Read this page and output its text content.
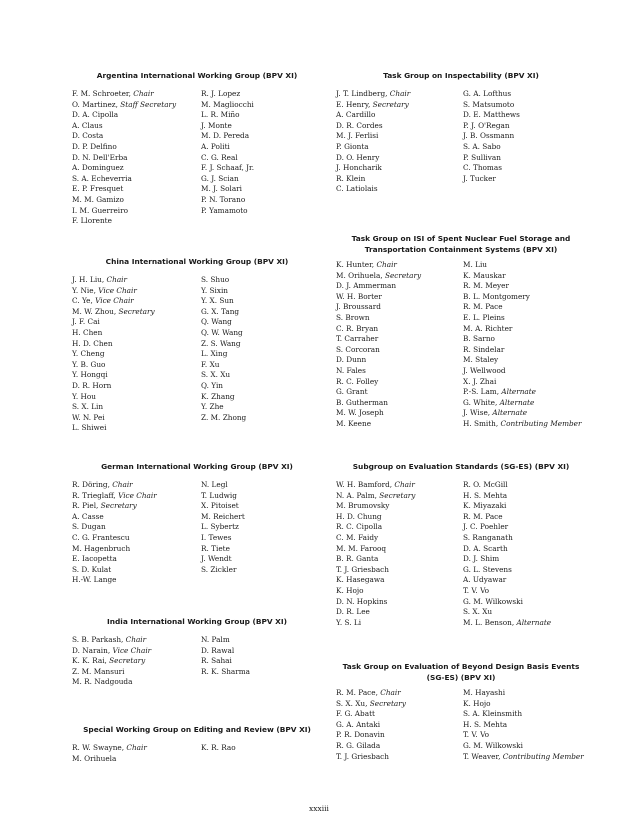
Argentina International Working Group (BPV XI)
F. M. Schroeter, Chair
O. Martinez, Staff Secretary
D. A. Cipolla
A. Claus
D. Costa
D. P. Delfino
D. N. Dell'Erba
A. Dominguez
S. A. Echeverria
E. P. Fresquet
M. M. Gamizo
I. M. Guerreiro
F. Llorente
R. J. Lopez
M. Magliocchi
L. R. Miño
J. Monte
M. D. Pereda
A. Politi
C. G. Real
F. J. Schaaf, Jr.
G. J. Scian
M. J. Solari
P. N. Torano
P. Yamamoto
China International Working Group (BPV XI)
J. H. Liu, Chair
Y. Nie, Vice Chair
C. Ye, Vice Chair
M. W. Zhou, Secretary
J. F. Cai
H. Chen
H. D. Chen
Y. Cheng
Y. B. Guo
Y. Hongqi
D. R. Horn
Y. Hou
S. X. Lin
W. N. Pei
L. Shiwei
S. Shuo
Y. Sixin
Y. X. Sun
G. X. Tang
Q. Wang
Q. W. Wang
Z. S. Wang
L. Xing
F. Xu
S. X. Xu
Q. Yin
K. Zhang
Y. Zhe
Z. M. Zhong
German International Working Group (BPV XI)
R. Döring, Chair
R. Trieglaff, Vice Chair
R. Piel, Secretary
A. Casse
S. Dugan
C. G. Frantescu
M. Hagenbruch
E. Iacopetta
S. D. Kulat
H.-W. Lange
N. Legl
T. Ludwig
X. Pitoiset
M. Reichert
L. Sybertz
I. Tewes
R. Tiete
J. Wendt
S. Zickler
India International Working Group (BPV XI)
S. B. Parkash, Chair
D. Narain, Vice Chair
K. K. Rai, Secretary
Z. M. Mansuri
M. R. Nadgouda
N. Palm
D. Rawal
R. Sahai
R. K. Sharma
Special Working Group on Editing and Review (BPV XI)
R. W. Swayne, Chair
M. Orihuela
K. R. Rao
Task Group on Inspectability (BPV XI)
J. T. Lindberg, Chair
E. Henry, Secretary
A. Cardillo
D. R. Cordes
M. J. Ferlisi
P. Gionta
D. O. Henry
J. Honcharik
R. Klein
C. Latiolais
G. A. Lofthus
S. Matsumoto
D. E. Matthews
P. J. O'Regan
J. B. Ossmann
S. A. Sabo
P. Sullivan
C. Thomas
J. Tucker
Task Group on ISI of Spent Nuclear Fuel Storage and Transportation Containment Systems (BPV XI)
K. Hunter, Chair
M. Orihuela, Secretary
D. J. Ammerman
W. H. Borter
J. Broussard
S. Brown
C. R. Bryan
T. Carraher
S. Corcoran
D. Dunn
N. Fales
R. C. Folley
G. Grant
B. Gutherman
M. W. Joseph
M. Keene
M. Liu
K. Mauskar
R. M. Meyer
B. L. Montgomery
R. M. Pace
E. L. Pleins
M. A. Richter
B. Sarno
R. Sindelar
M. Staley
J. Wellwood
X. J. Zhai
P.-S. Lam, Alternate
G. White, Alternate
J. Wise, Alternate
H. Smith, Contributing Member
Subgroup on Evaluation Standards (SG-ES) (BPV XI)
W. H. Bamford, Chair
N. A. Palm, Secretary
M. Brumovsky
H. D. Chung
R. C. Cipolla
C. M. Faidy
M. M. Farooq
B. R. Ganta
T. J. Griesbach
K. Hasegawa
K. Hojo
D. N. Hopkins
D. R. Lee
Y. S. Li
R. O. McGill
H. S. Mehta
K. Miyazaki
R. M. Pace
J. C. Poehler
S. Ranganath
D. A. Scarth
D. J. Shim
G. L. Stevens
A. Udyawar
T. V. Vo
G. M. Wilkowski
S. X. Xu
M. L. Benson, Alternate
Task Group on Evaluation of Beyond Design Basis Events (SG-ES) (BPV XI)
R. M. Pace, Chair
S. X. Xu, Secretary
F. G. Abatt
G. A. Antaki
P. R. Donavin
R. G. Gilada
T. J. Griesbach
M. Hayashi
K. Hojo
S. A. Kleinsmith
H. S. Mehta
T. V. Vo
G. M. Wilkowski
T. Weaver, Contributing Member
xxxiii
